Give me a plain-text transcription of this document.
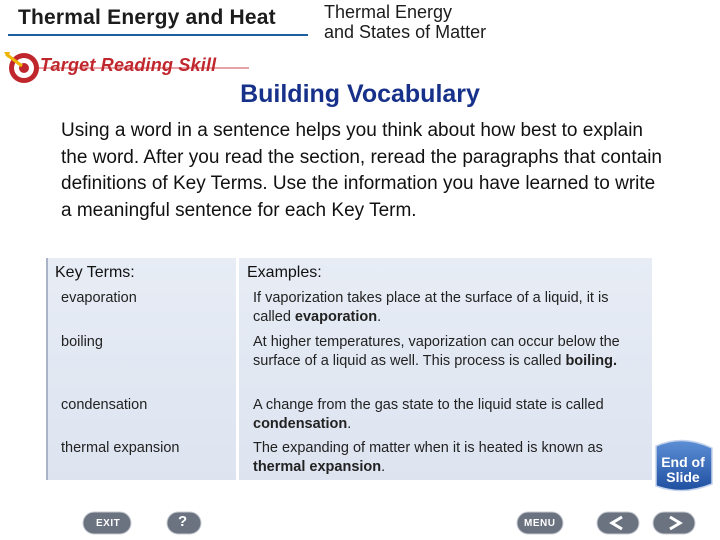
Thermal Energy and Heat	Thermal Energy
and States of Matter
Target Reading Skill
Building Vocabulary
Using a word in a sentence helps you think about how best to explain the word. After you read the section, reread the paragraphs that contain definitions of Key Terms. Use the information you have learned to write a meaningful sentence for each Key Term.
Key Terms:	Examples:
evaporation	If vaporization takes place at the surface of a liquid, it is called evaporation.
boiling	At higher temperatures, vaporization can occur below the surface of a liquid as well. This process is called boiling.
condensation	A change from the gas state to the liquid state is called condensation.
thermal expansion	The expanding of matter when it is heated is known as thermal expansion.	End of
Slide
EXIT	?	MENU
